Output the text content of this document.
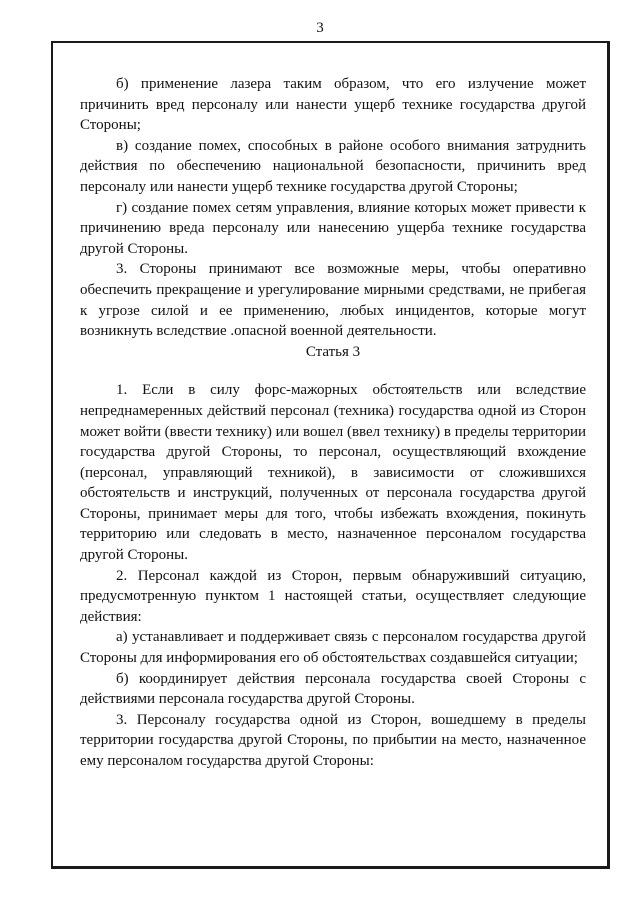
3

б) применение лазера таким образом, что его излучение может причинить вред персоналу или нанести ущерб технике государства другой Стороны;

в) создание помех, способных в районе особого внимания затруднить действия по обеспечению национальной безопасности, причинить вред персоналу или нанести ущерб технике государства другой Стороны;

г) создание помех сетям управления, влияние которых может привести к причинению вреда персоналу или нанесению ущерба технике государства другой Стороны.

3. Стороны принимают все возможные меры, чтобы оперативно обеспечить прекращение и урегулирование мирными средствами, не прибегая к угрозе силой и ее применению, любых инцидентов, которые могут возникнуть вследствие .опасной военной деятельности.

Статья 3

1. Если в силу форс-мажорных обстоятельств или вследствие непреднамеренных действий персонал (техника) государства одной из Сторон может войти (ввести технику) или вошел (ввел технику) в пределы территории государства другой Стороны, то персонал, осуществляющий вхождение (персонал, управляющий техникой), в зависимости от сложившихся обстоятельств и инструкций, полученных от персонала государства другой Стороны, принимает меры для того, чтобы избежать вхождения, покинуть территорию или следовать в место, назначенное персоналом государства другой Стороны.

2. Персонал каждой из Сторон, первым обнаруживший ситуацию, предусмотренную пунктом 1 настоящей статьи, осуществляет следующие действия:

а) устанавливает и поддерживает связь с персоналом государства другой Стороны для информирования его об обстоятельствах создавшейся ситуации;

б) координирует действия персонала государства своей Стороны с действиями персонала государства другой Стороны.

3. Персоналу государства одной из Сторон, вошедшему в пределы территории государства другой Стороны, по прибытии на место, назначенное ему персоналом государства другой Стороны:
